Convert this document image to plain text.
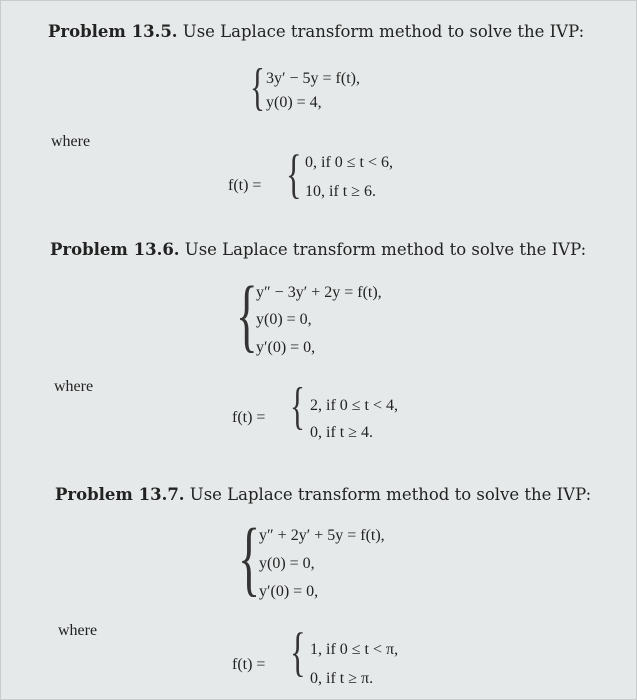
Problem 13.5. Use Laplace transform method to solve the IVP:
{ 3y′ − 5y = f(t),
y(0) = 4,
where
f(t) = { 0, if 0 ≤ t < 6,
10, if t ≥ 6.
Problem 13.6. Use Laplace transform method to solve the IVP:
{
y″ − 3y′ + 2y = f(t),
y(0) = 0,
y′(0) = 0,
where
f(t) = { 2, if 0 ≤ t < 4,
0, if t ≥ 4.
Problem 13.7. Use Laplace transform method to solve the IVP:
{
y″ + 2y′ + 5y = f(t),
y(0) = 0,
y′(0) = 0,
where
f(t) = { 1, if 0 ≤ t < π,
0, if t ≥ π.
